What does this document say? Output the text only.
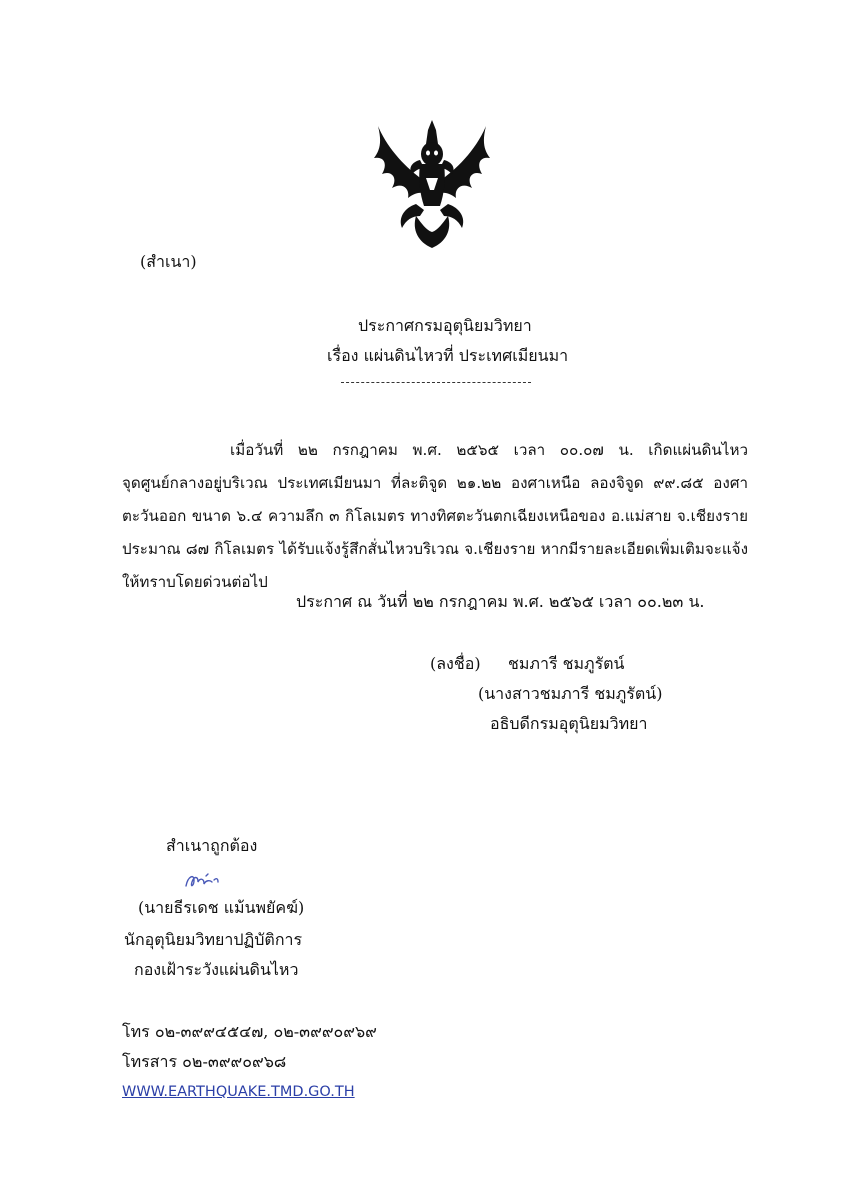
(สำเนา)
ประกาศกรมอุตุนิยมวิทยา
เรื่อง แผ่นดินไหวที่ ประเทศเมียนมา

เมื่อวันที่ ๒๒ กรกฎาคม พ.ศ. ๒๕๖๕ เวลา ๐๐.๐๗ น. เกิดแผ่นดินไหว จุดศูนย์กลางอยู่บริเวณ ประเทศเมียนมา ที่ละติจูด ๒๑.๒๒ องศาเหนือ ลองจิจูด ๙๙.๘๕ องศาตะวันออก ขนาด ๖.๔ ความลึก ๓ กิโลเมตร ทางทิศตะวันตกเฉียงเหนือของ อ.แม่สาย จ.เชียงราย ประมาณ ๘๗ กิโลเมตร ได้รับแจ้งรู้สึกสั่นไหวบริเวณ จ.เชียงราย หากมีรายละเอียดเพิ่มเติมจะแจ้งให้ทราบโดยด่วนต่อไป

ประกาศ ณ วันที่ ๒๒ กรกฎาคม พ.ศ. ๒๕๖๕ เวลา ๐๐.๒๓ น.
(ลงชื่อ) ชมภารี ชมภูรัตน์
(นางสาวชมภารี ชมภูรัตน์)
อธิบดีกรมอุตุนิยมวิทยา
สำเนาถูกต้อง
(นายธีรเดช แม้นพยัคฆ์)
นักอุตุนิยมวิทยาปฏิบัติการ
กองเฝ้าระวังแผ่นดินไหว
โทร ๐๒-๓๙๙๔๕๔๗, ๐๒-๓๙๙๐๙๖๙
โทรสาร ๐๒-๓๙๙๐๙๖๘
WWW.EARTHQUAKE.TMD.GO.TH
